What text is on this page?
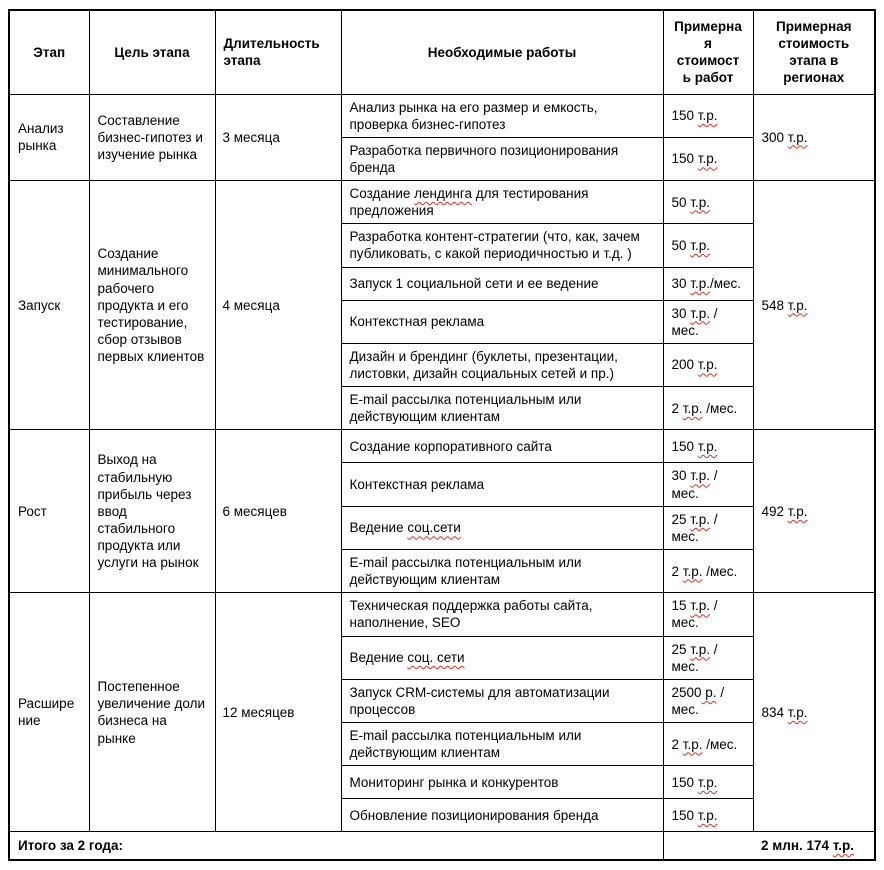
Этап	Цель этапа	Длительность этапа	Необходимые работы	Примерная стоимость работ	Примерная стоимость этапа в регионах
Анализ рынка	Составление бизнес-гипотез и изучение рынка	3 месяца	Анализ рынка на его размер и емкость, проверка бизнес-гипотез	150 т.р.	300 т.р.
			Разработка первичного позиционирования бренда	150 т.р.	
Запуск	Создание минимального рабочего продукта и его тестирование, сбор отзывов первых клиентов	4 месяца	Создание лендинга для тестирования предложения	50 т.р.	548 т.р.
			Разработка контент-стратегии (что, как, зачем публиковать, с какой периодичностью и т.д. )	50 т.р.	
			Запуск 1 социальной сети и ее ведение	30 т.р./мес.	
			Контекстная реклама	30 т.р. /мес.	
			Дизайн и брендинг (буклеты, презентации, листовки, дизайн социальных сетей и пр.)	200 т.р.	
			E-mail рассылка потенциальным или действующим клиентам	2 т.р. /мес.	
Рост	Выход на стабильную прибыль через ввод стабильного продукта или услуги на рынок	6 месяцев	Создание корпоративного сайта	150 т.р.	492 т.р.
			Контекстная реклама	30 т.р. /мес.	
			Ведение соц.сети	25 т.р. /мес.	
			E-mail рассылка потенциальным или действующим клиентам	2 т.р. /мес.	
Расширение	Постепенное увеличение доли бизнеса на рынке	12 месяцев	Техническая поддержка работы сайта, наполнение, SEO	15 т.р. /мес.	834 т.р.
			Ведение соц. сети	25 т.р. /мес.	
			Запуск CRM-системы для автоматизации процессов	2500 р. /мес.	
			E-mail рассылка потенциальным или действующим клиентам	2 т.р. /мес.	
			Мониторинг рынка и конкурентов	150 т.р.	
			Обновление позиционирования бренда	150 т.р.	
Итого за 2 года:				2 млн. 174 т.р.	
